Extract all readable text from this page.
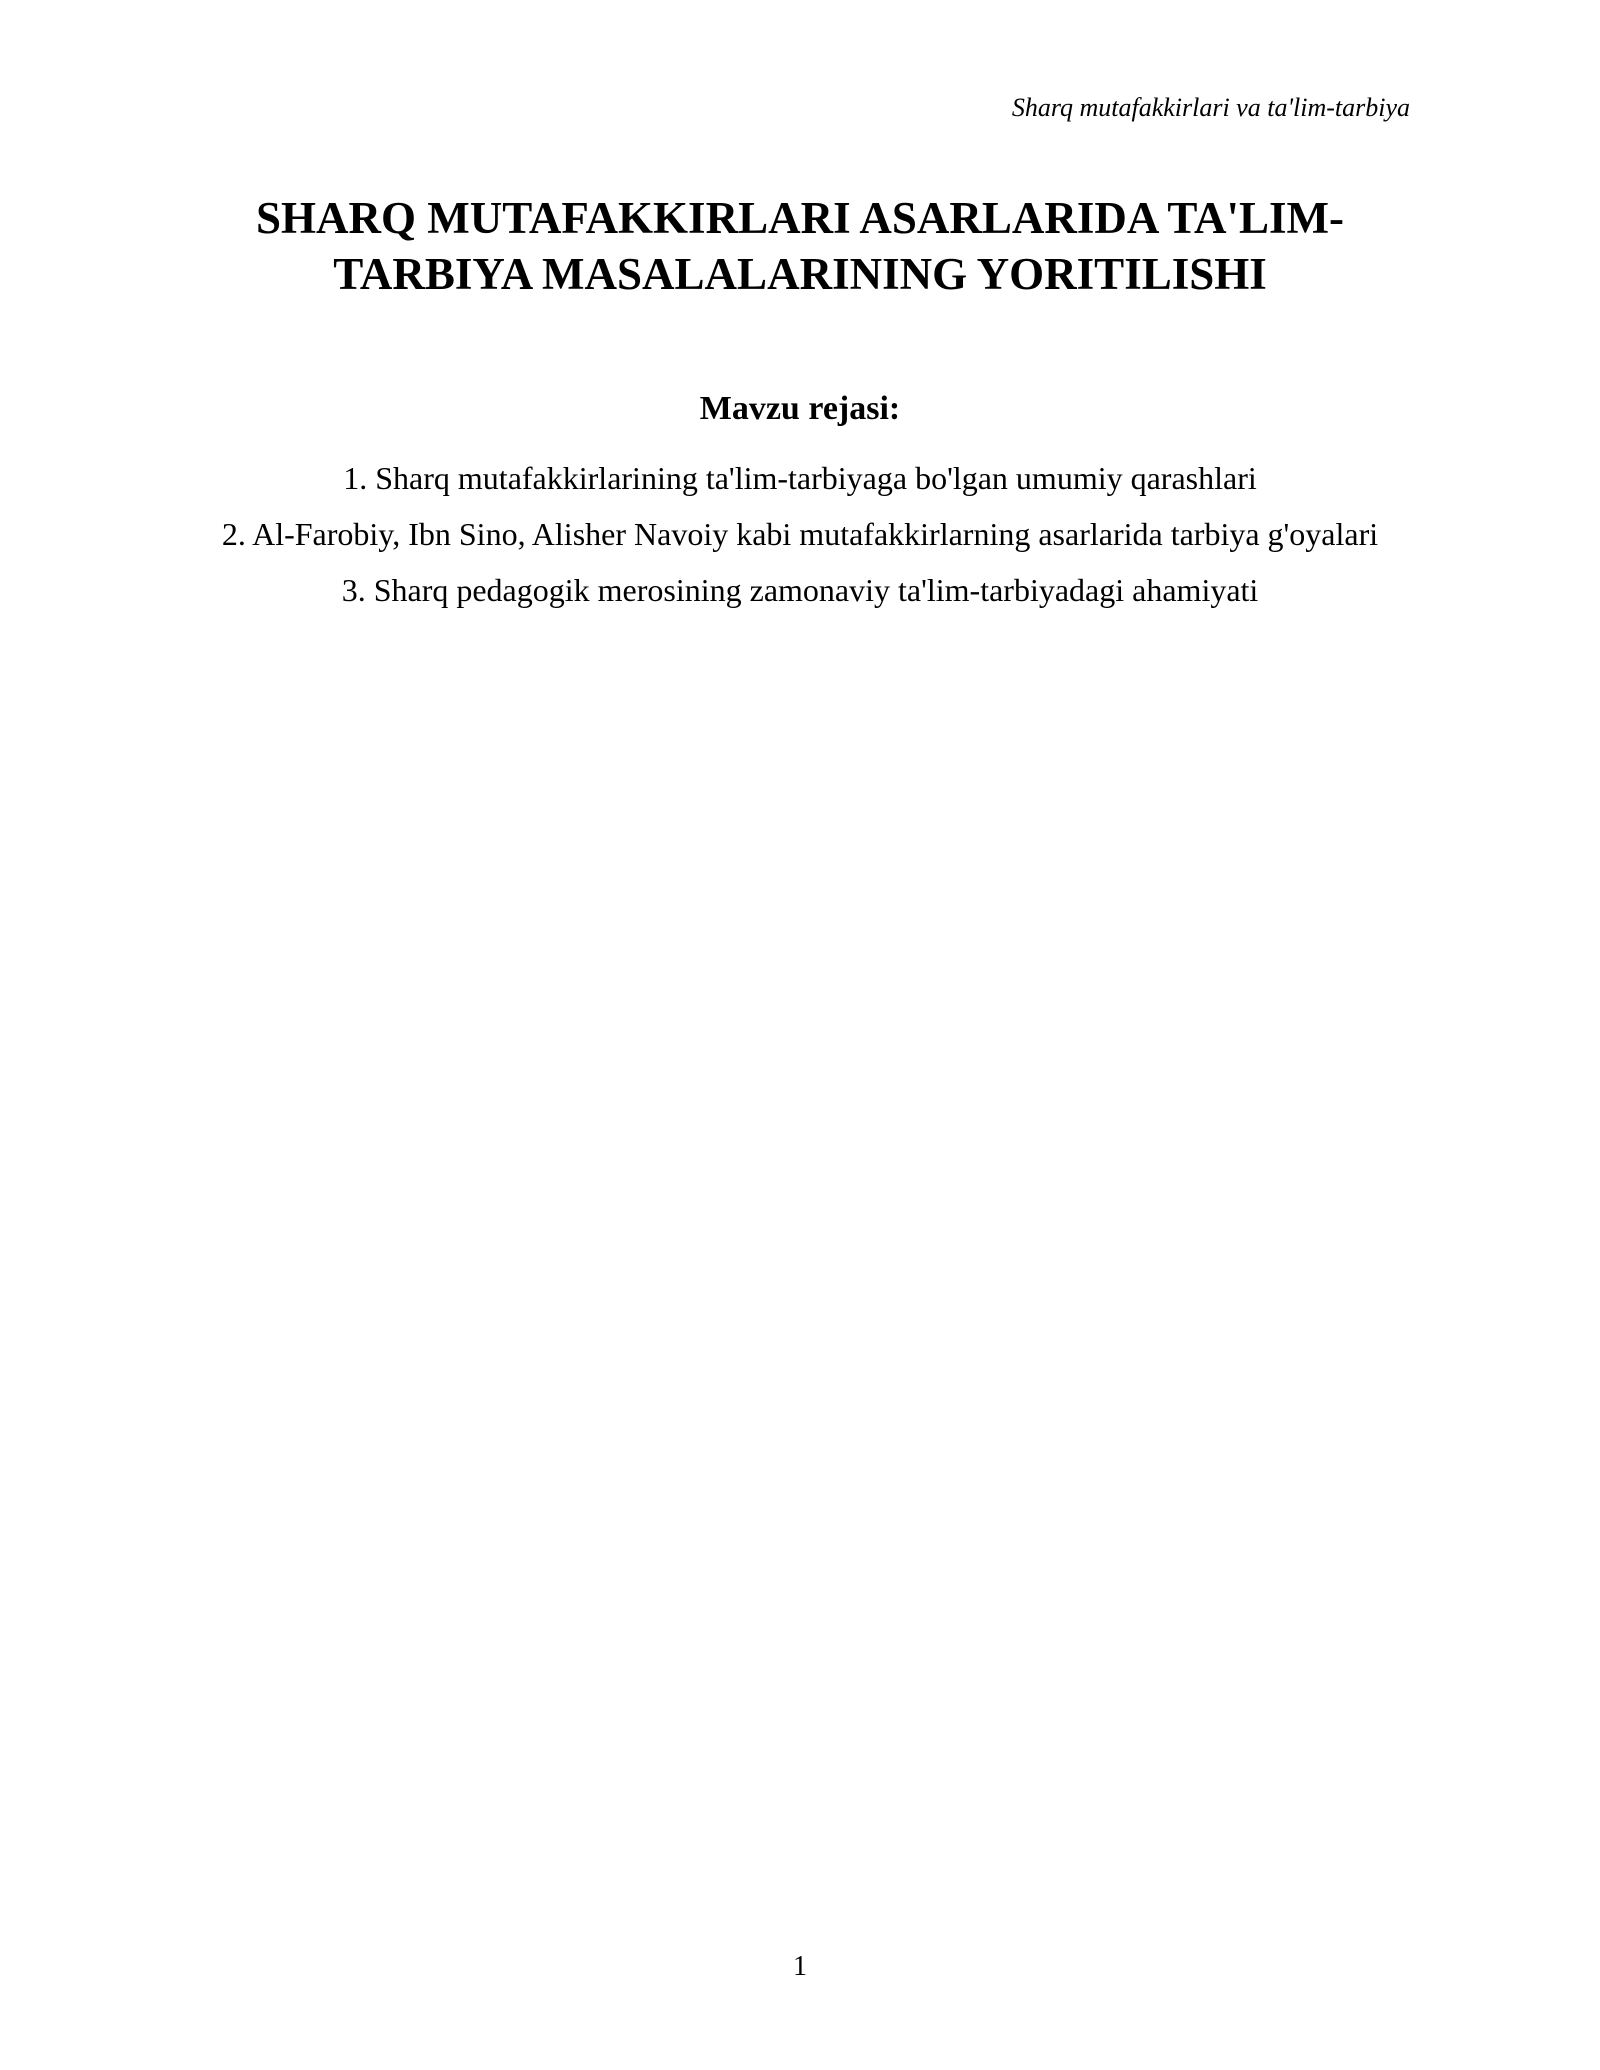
Sharq mutafakkirlari va ta'lim-tarbiya
SHARQ MUTAFAKKIRLARI ASARLARIDA TA'LIM-
TARBIYA MASALALARINING YORITILISHI
Mavzu rejasi:
1. Sharq mutafakkirlarining ta'lim-tarbiyaga bo'lgan umumiy qarashlari
2. Al-Farobiy, Ibn Sino, Alisher Navoiy kabi mutafakkirlarning asarlarida tarbiya g'oyalari
3. Sharq pedagogik merosining zamonaviy ta'lim-tarbiyadagi ahamiyati
1
